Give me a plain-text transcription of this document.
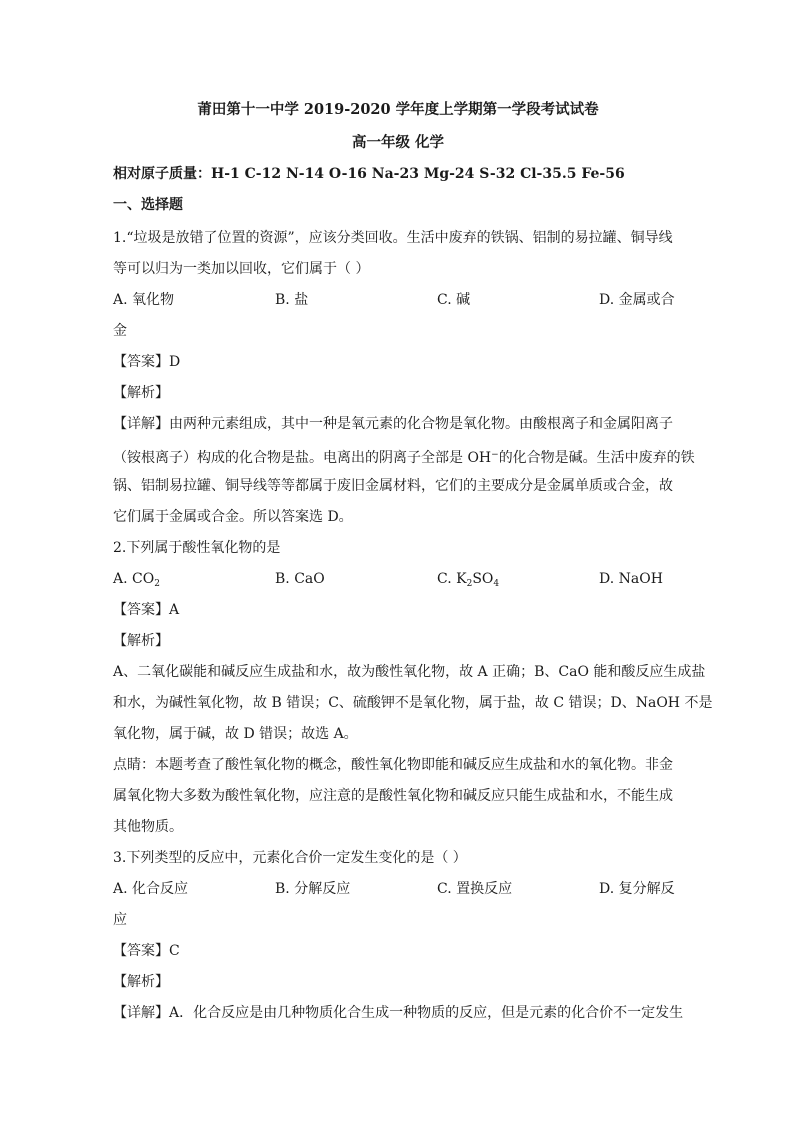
莆田第十一中学 2019-2020 学年度上学期第一学段考试试卷
高一年级 化学
相对原子质量：H-1 C-12 N-14 O-16 Na-23 Mg-24 S-32 Cl-35.5 Fe-56
一、选择题
1.“垃圾是放错了位置的资源”，应该分类回收。生活中废弃的铁锅、铝制的易拉罐、铜导线
等可以归为一类加以回收，它们属于（ ）
A. 氧化物	B. 盐	C. 碱	D. 金属或合
金
【答案】D
【解析】
【详解】由两种元素组成，其中一种是氧元素的化合物是氧化物。由酸根离子和金属阳离子
（铵根离子）构成的化合物是盐。电离出的阴离子全部是 OH−的化合物是碱。生活中废弃的铁
锅、铝制易拉罐、铜导线等等都属于废旧金属材料，它们的主要成分是金属单质或合金，故
它们属于金属或合金。所以答案选 D。
2.下列属于酸性氧化物的是
A. $CO_2$	B. CaO	C. $K_2SO_4$	D. NaOH
【答案】A
【解析】
A、二氧化碳能和碱反应生成盐和水，故为酸性氧化物，故 A 正确；B、CaO 能和酸反应生成盐
和水，为碱性氧化物，故 B 错误；C、硫酸钾不是氧化物，属于盐，故 C 错误；D、NaOH 不是
氧化物，属于碱，故 D 错误；故选 A。
点睛：本题考查了酸性氧化物的概念，酸性氧化物即能和碱反应生成盐和水的氧化物。非金
属氧化物大多数为酸性氧化物，应注意的是酸性氧化物和碱反应只能生成盐和水，不能生成
其他物质。
3.下列类型的反应中，元素化合价一定发生变化的是（ ）
A. 化合反应	B. 分解反应	C. 置换反应	D. 复分解反
应
【答案】C
【解析】
【详解】A．化合反应是由几种物质化合生成一种物质的反应，但是元素的化合价不一定发生
